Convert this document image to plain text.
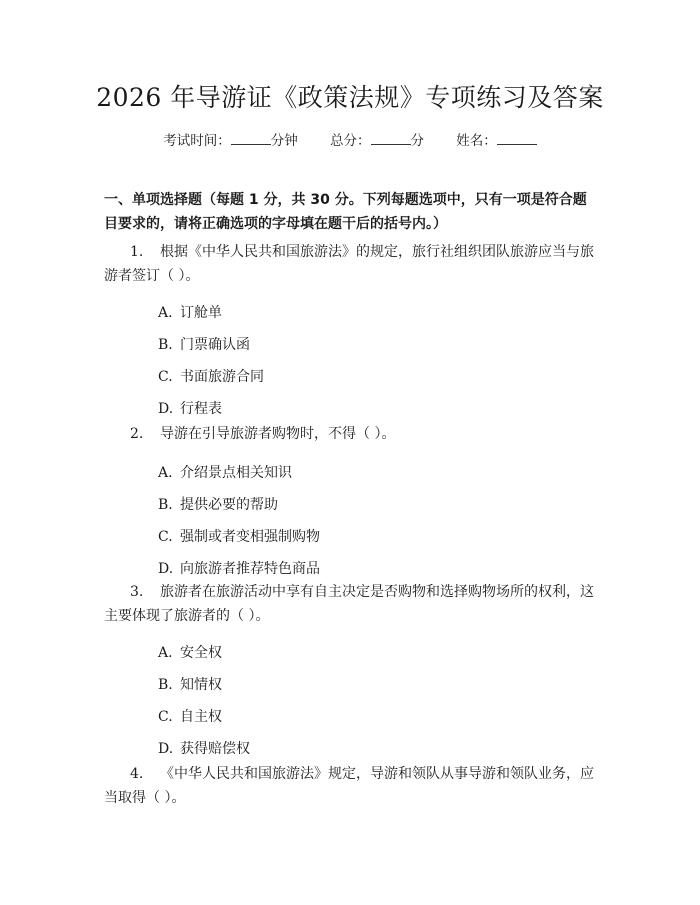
2026 年导游证《政策法规》专项练习及答案
考试时间：	分钟 总分：	分 姓名：

一、单项选择题（每题 1 分，共 30 分。下列每题选项中，只有一项是符合题目要求的，请将正确选项的字母填在题干后的括号内。）

1. 根据《中华人民共和国旅游法》的规定，旅行社组织团队旅游应当与旅游者签订（ ）。

A. 订舱单
B. 门票确认函
C. 书面旅游合同
D. 行程表

2. 导游在引导旅游者购物时，不得（ ）。

A. 介绍景点相关知识
B. 提供必要的帮助
C. 强制或者变相强制购物
D. 向旅游者推荐特色商品

3. 旅游者在旅游活动中享有自主决定是否购物和选择购物场所的权利，这主要体现了旅游者的（ ）。

A. 安全权
B. 知情权
C. 自主权
D. 获得赔偿权

4. 《中华人民共和国旅游法》规定，导游和领队从事导游和领队业务，应当取得（ ）。
